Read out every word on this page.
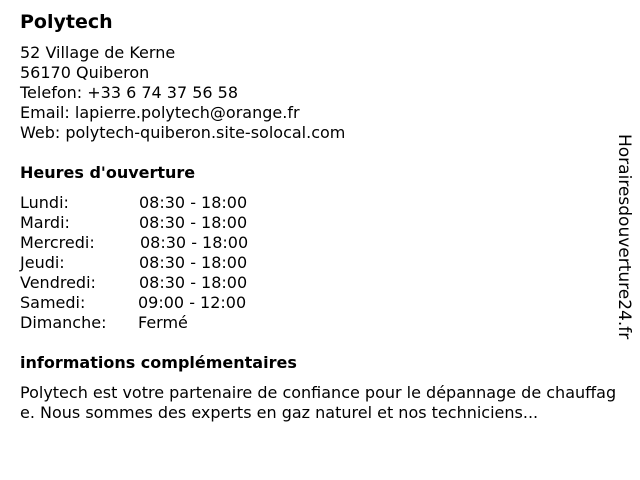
Polytech
52 Village de Kerne
56170 Quiberon
Telefon: +33 6 74 37 56 58
Email: lapierre.polytech@orange.fr
Web: polytech-quiberon.site-solocal.com
Heures d'ouverture
Lundi:	08:30 - 18:00
Mardi:	08:30 - 18:00
Mercredi:	08:30 - 18:00
Jeudi:	08:30 - 18:00
Vendredi:	08:30 - 18:00
Samedi:	09:00 - 12:00
Dimanche: Fermé
informations complémentaires
Polytech est votre partenaire de confiance pour le dépannage de chauffage. Nous sommes des experts en gaz naturel et nos techniciens...
Horairesdouverture24.fr
